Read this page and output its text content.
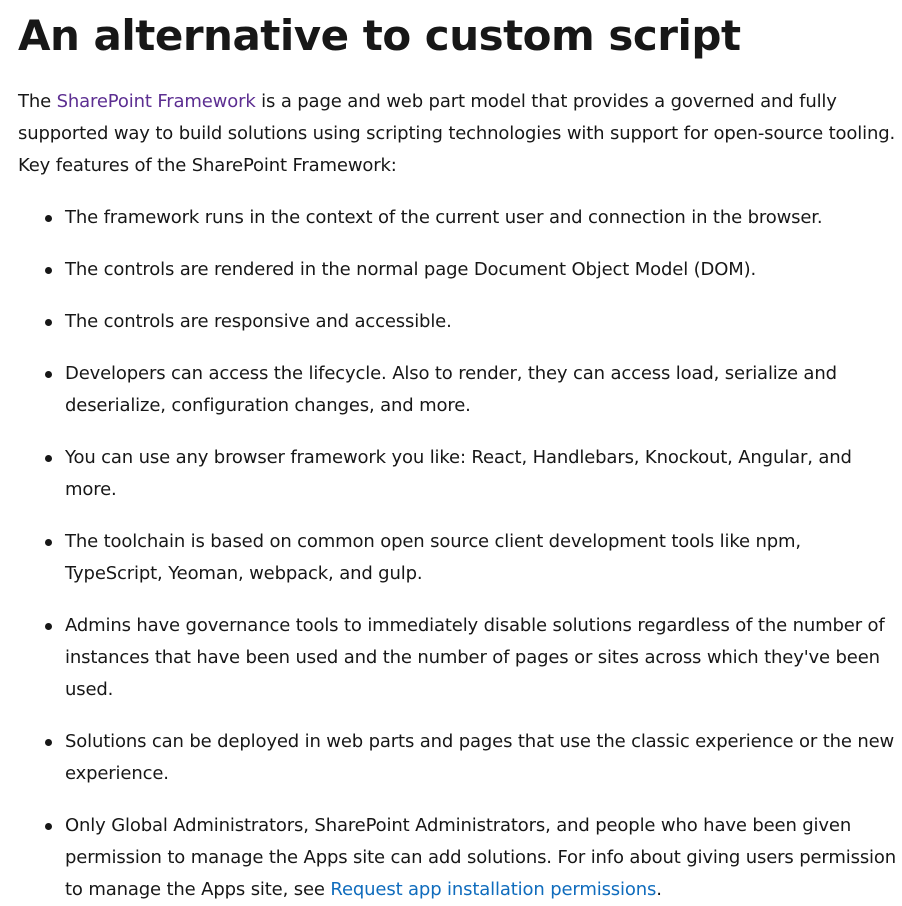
An alternative to custom script

The SharePoint Framework is a page and web part model that provides a governed and fully supported way to build solutions using scripting technologies with support for open-source tooling. Key features of the SharePoint Framework:

The framework runs in the context of the current user and connection in the browser.
The controls are rendered in the normal page Document Object Model (DOM).
The controls are responsive and accessible.
Developers can access the lifecycle. Also to render, they can access load, serialize and deserialize, configuration changes, and more.
You can use any browser framework you like: React, Handlebars, Knockout, Angular, and more.
The toolchain is based on common open source client development tools like npm, TypeScript, Yeoman, webpack, and gulp.
Admins have governance tools to immediately disable solutions regardless of the number of instances that have been used and the number of pages or sites across which they've been used.
Solutions can be deployed in web parts and pages that use the classic experience or the new experience.
Only Global Administrators, SharePoint Administrators, and people who have been given permission to manage the Apps site can add solutions. For info about giving users permission to manage the Apps site, see Request app installation permissions.
